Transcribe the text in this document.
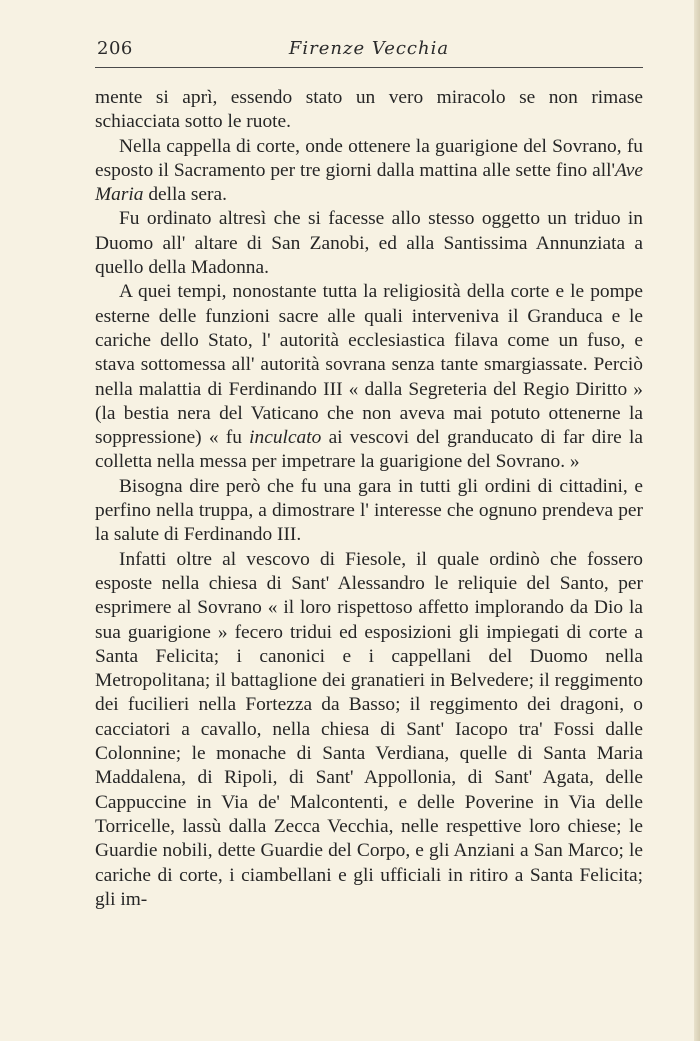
206	Firenze Vecchia

mente si aprì, essendo stato un vero miracolo se non rimase schiacciata sotto le ruote.

Nella cappella di corte, onde ottenere la guarigione del Sovrano, fu esposto il Sacramento per tre giorni dalla mattina alle sette fino all'Ave Maria della sera.

Fu ordinato altresì che si facesse allo stesso oggetto un triduo in Duomo all' altare di San Zanobi, ed alla Santissima Annunziata a quello della Madonna.

A quei tempi, nonostante tutta la religiosità della corte e le pompe esterne delle funzioni sacre alle quali interveniva il Granduca e le cariche dello Stato, l' autorità ecclesiastica filava come un fuso, e stava sottomessa all' autorità sovrana senza tante smargiassate. Perciò nella malattia di Ferdinando III « dalla Segreteria del Regio Diritto » (la bestia nera del Vaticano che non aveva mai potuto ottenerne la soppressione) « fu inculcato ai vescovi del granducato di far dire la colletta nella messa per impetrare la guarigione del Sovrano. »

Bisogna dire però che fu una gara in tutti gli ordini di cittadini, e perfino nella truppa, a dimostrare l' interesse che ognuno prendeva per la salute di Ferdinando III.

Infatti oltre al vescovo di Fiesole, il quale ordinò che fossero esposte nella chiesa di Sant' Alessandro le reliquie del Santo, per esprimere al Sovrano « il loro rispettoso affetto implorando da Dio la sua guarigione » fecero tridui ed esposizioni gli impiegati di corte a Santa Felicita; i canonici e i cappellani del Duomo nella Metropolitana; il battaglione dei granatieri in Belvedere; il reggimento dei fucilieri nella Fortezza da Basso; il reggimento dei dragoni, o cacciatori a cavallo, nella chiesa di Sant' Iacopo tra' Fossi dalle Colonnine; le monache di Santa Verdiana, quelle di Santa Maria Maddalena, di Ripoli, di Sant' Appollonia, di Sant' Agata, delle Cappuccine in Via de' Malcontenti, e delle Poverine in Via delle Torricelle, lassù dalla Zecca Vecchia, nelle respettive loro chiese; le Guardie nobili, dette Guardie del Corpo, e gli Anziani a San Marco; le cariche di corte, i ciambellani e gli ufficiali in ritiro a Santa Felicita; gli im-
